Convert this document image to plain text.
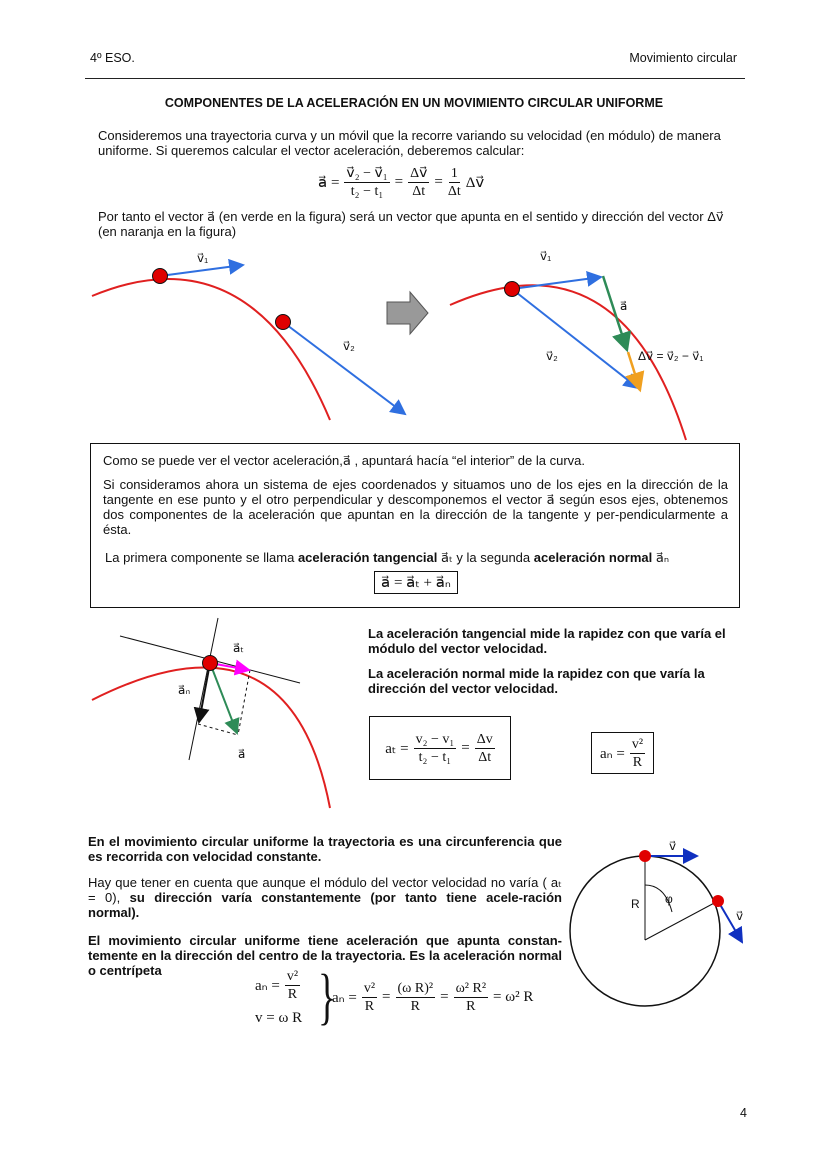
4º ESO.	Movimiento circular
COMPONENTES DE LA ACELERACIÓN EN UN MOVIMIENTO CIRCULAR UNIFORME

Consideremos una trayectoria curva y un móvil que la recorre variando su velocidad (en módulo) de manera uniforme. Si queremos calcular el vector aceleración, deberemos calcular:

a⃗ = $\frac{\text{v⃗₂ − v⃗₁}}{\text{t₂ − t₁}} = \frac{\Delta v⃗}{\Delta t} = \frac{1}{\Delta t}$ Δv⃗

Por tanto el vector a⃗ (en verde en la figura) será un vector que apunta en el sentido y dirección del vector Δv⃗ (en naranja en la figura)

v⃗₁
v⃗₂
v⃗₁
a⃗
v⃗₂	Δv⃗ = v⃗₂ − v⃗₁
a⃗ₜ
a⃗ₙ
a⃗
R φ
v⃗
v⃗

Como se puede ver el vector aceleración,a⃗ , apuntará hacía “el interior” de la curva.

Si consideramos ahora un sistema de ejes coordenados y situamos uno de los ejes en la dirección de la tangente en ese punto y el otro perpendicular y descomponemos el vector a⃗ según esos ejes, obtenemos dos componentes de la aceleración que apuntan en la dirección de la tangente y per-pendicularmente a ésta.

La primera componente se llama aceleración tangencial a⃗ₜ y la segunda aceleración normal a⃗ₙ

a⃗ = a⃗ₜ + a⃗ₙ

La aceleración tangencial mide la rapidez con que varía el módulo del vector velocidad.

La aceleración normal mide la rapidez con que varía la dirección del vector velocidad.

$a_t = \frac{\text{v₂ − v₁}}{\text{t₂ − t₁}} = \frac{\Delta v}{\Delta t}$	$a_n = \frac{\text{v²}}{R}$

En el movimiento circular uniforme la trayectoria es una circunferencia que es recorrida con velocidad constante.

Hay que tener en cuenta que aunque el módulo del vector velocidad no varía ( aₜ = 0), su dirección varía constantemente (por tanto tiene acele-ración normal).

El movimiento circular uniforme tiene aceleración que apunta constan-temente en la dirección del centro de la trayectoria. Es la aceleración normal o centrípeta

$a_n = \frac{\text{v²}}{R}$
v = ω R }
$a_n = \frac{\text{v²}}{R} = \frac{\text{(ω R)²}}{R} = \frac{\text{ω² R²}}{R} = \omega^2$ R
4
